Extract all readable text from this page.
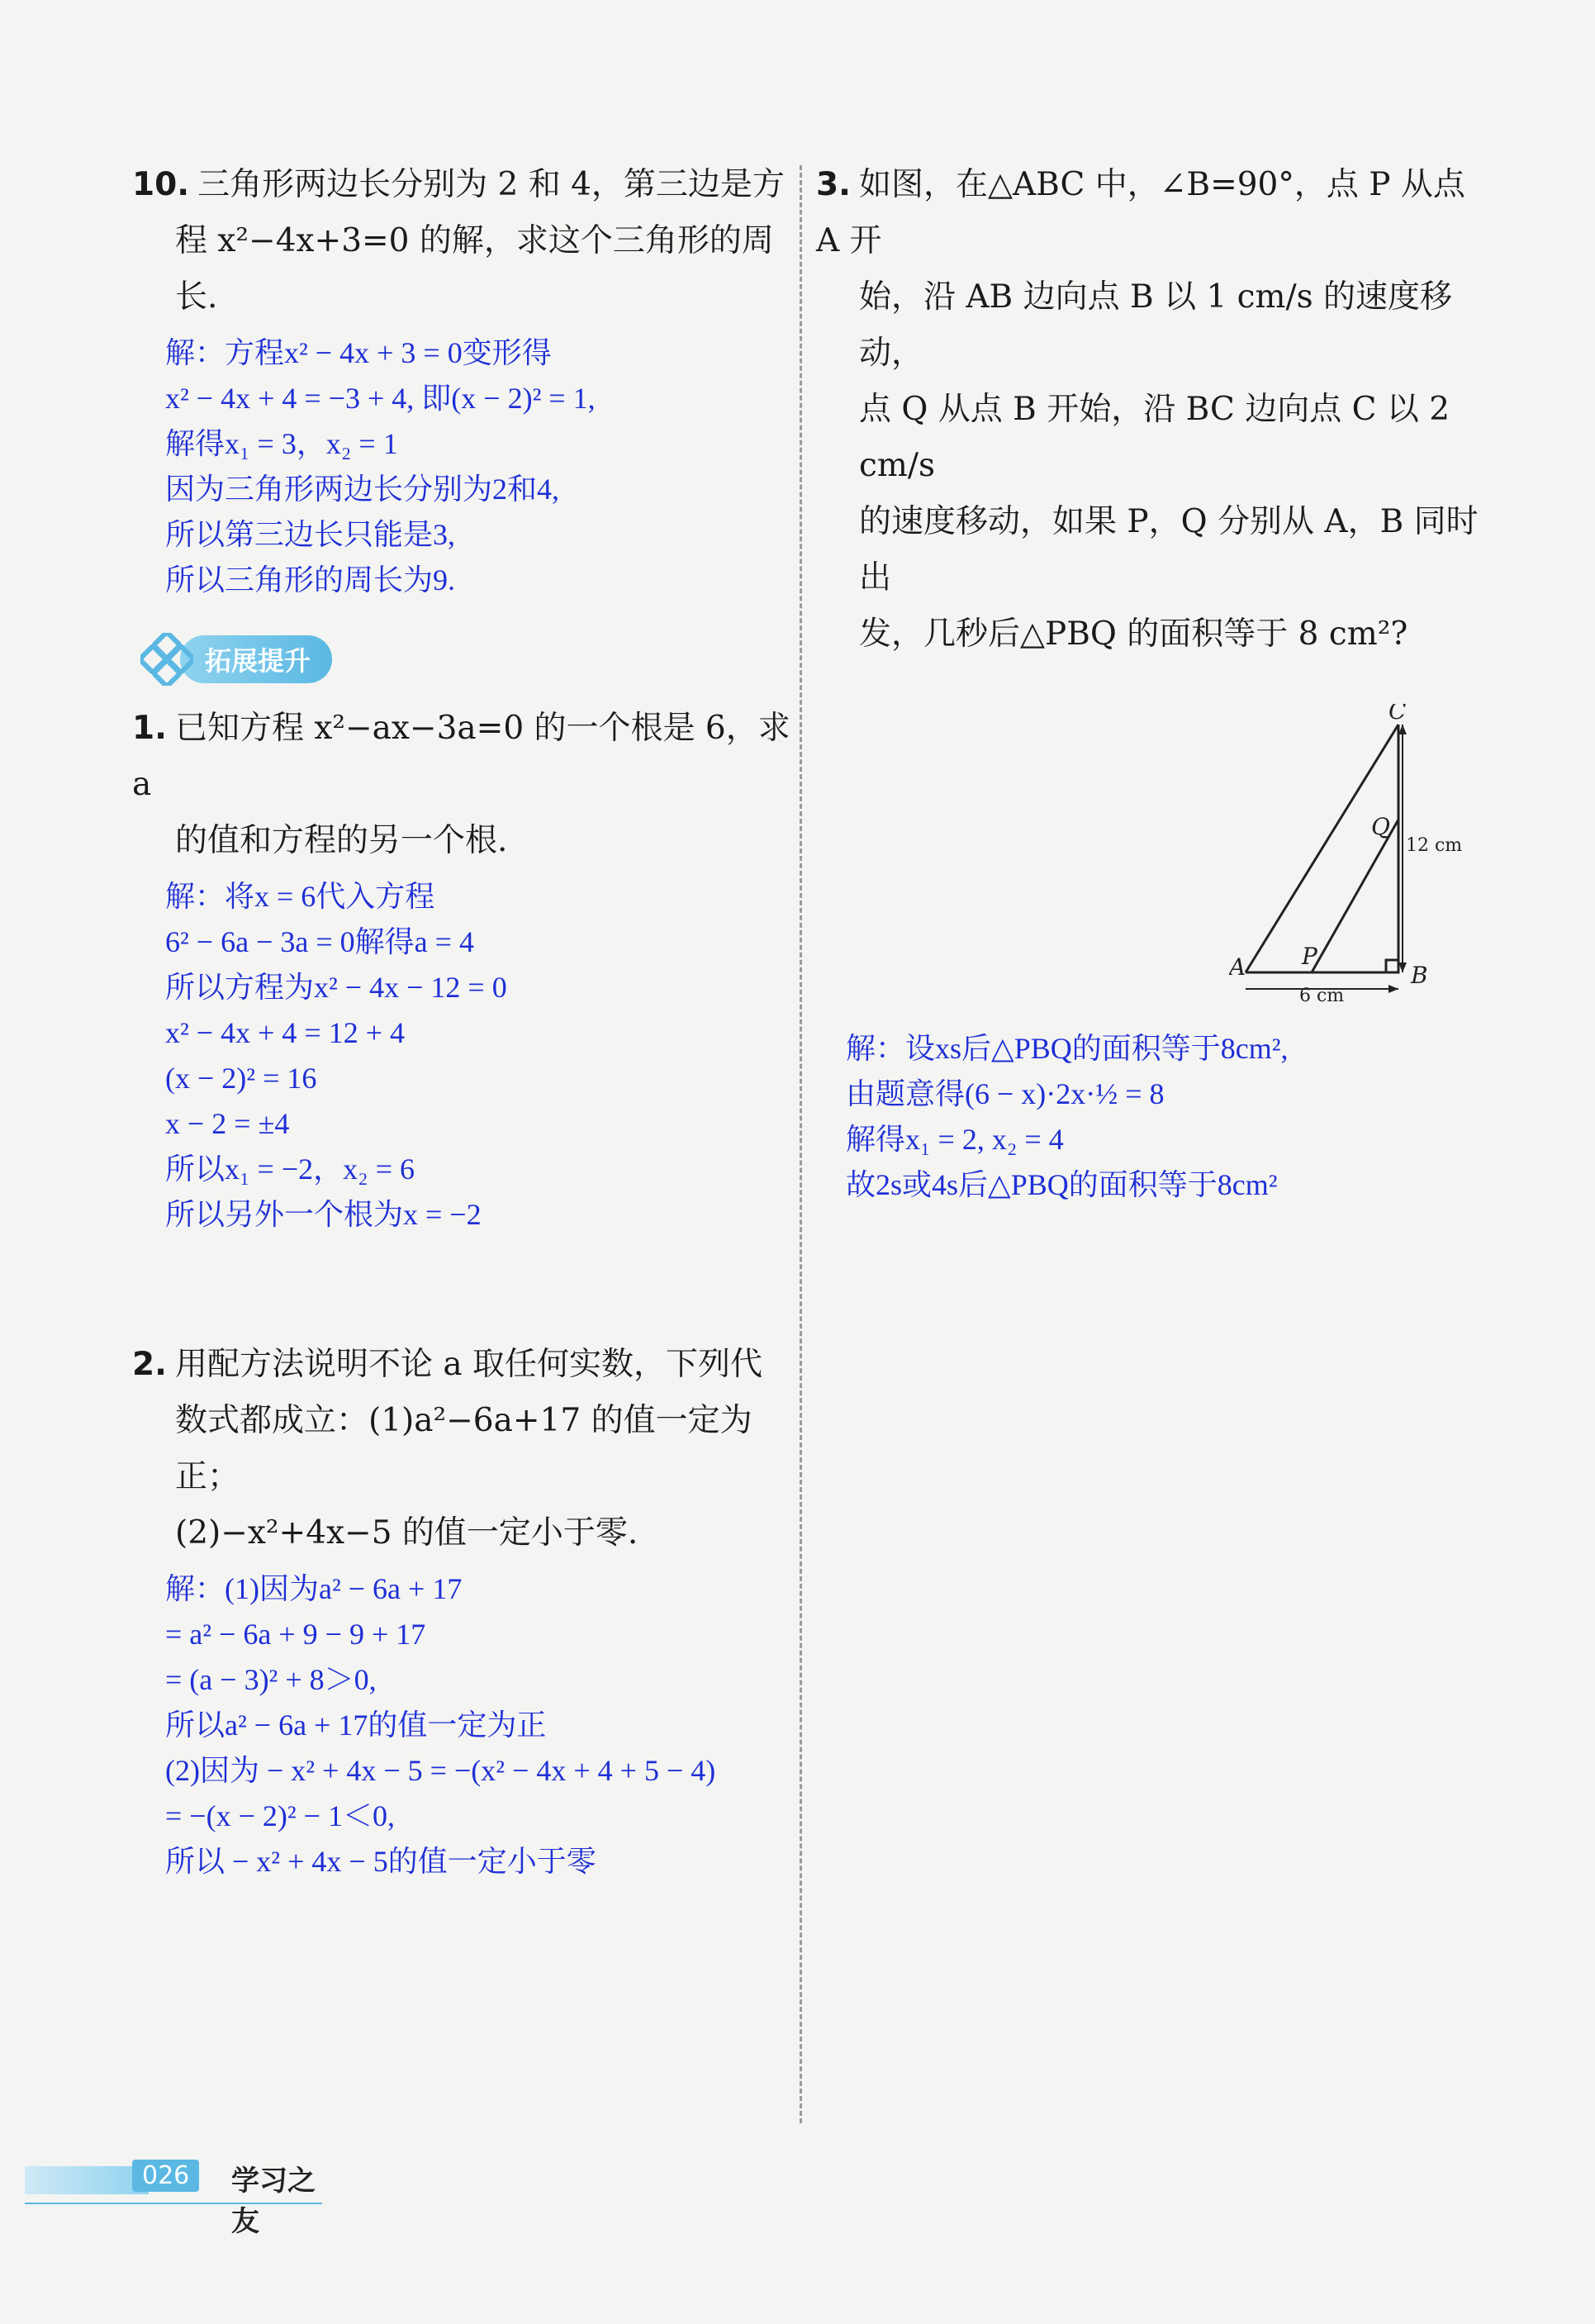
10. 三角形两边长分别为 2 和 4，第三边是方
程 x²−4x+3=0 的解，求这个三角形的周长.
解：方程x² − 4x + 3 = 0变形得
x² − 4x + 4 = −3 + 4, 即(x − 2)² = 1,
解得x₁ = 3，x₂ = 1
因为三角形两边长分别为2和4,
所以第三边长只能是3,
所以三角形的周长为9.
拓展提升
1. 已知方程 x²−ax−3a=0 的一个根是 6，求 a
的值和方程的另一个根.
解：将x = 6代入方程
6² − 6a − 3a = 0解得a = 4
所以方程为x² − 4x − 12 = 0
x² − 4x + 4 = 12 + 4
(x − 2)² = 16
x − 2 = ±4
所以x₁ = −2，x₂ = 6
所以另外一个根为x = −2
2. 用配方法说明不论 a 取任何实数，下列代
数式都成立：(1)a²−6a+17 的值一定为正；
(2)−x²+4x−5 的值一定小于零.
解：(1)因为a² − 6a + 17
= a² − 6a + 9 − 9 + 17
= (a − 3)² + 8＞0,
所以a² − 6a + 17的值一定为正
(2)因为 − x² + 4x − 5 = −(x² − 4x + 4 + 5 − 4)
= −(x − 2)² − 1＜0,
所以 − x² + 4x − 5的值一定小于零
3. 如图，在△ABC 中，∠B=90°，点 P 从点 A 开
始，沿 AB 边向点 B 以 1 cm/s 的速度移动，
点 Q 从点 B 开始，沿 BC 边向点 C 以 2 cm/s
的速度移动，如果 P，Q 分别从 A，B 同时出
发，几秒后△PBQ 的面积等于 8 cm²?
C
Q
A P
B
12 cm
6 cm
解：设xs后△PBQ的面积等于8cm²,
由题意得(6 − x)·2x·½ = 8
解得x₁ = 2, x₂ = 4
故2s或4s后△PBQ的面积等于8cm²
026	学习之友
